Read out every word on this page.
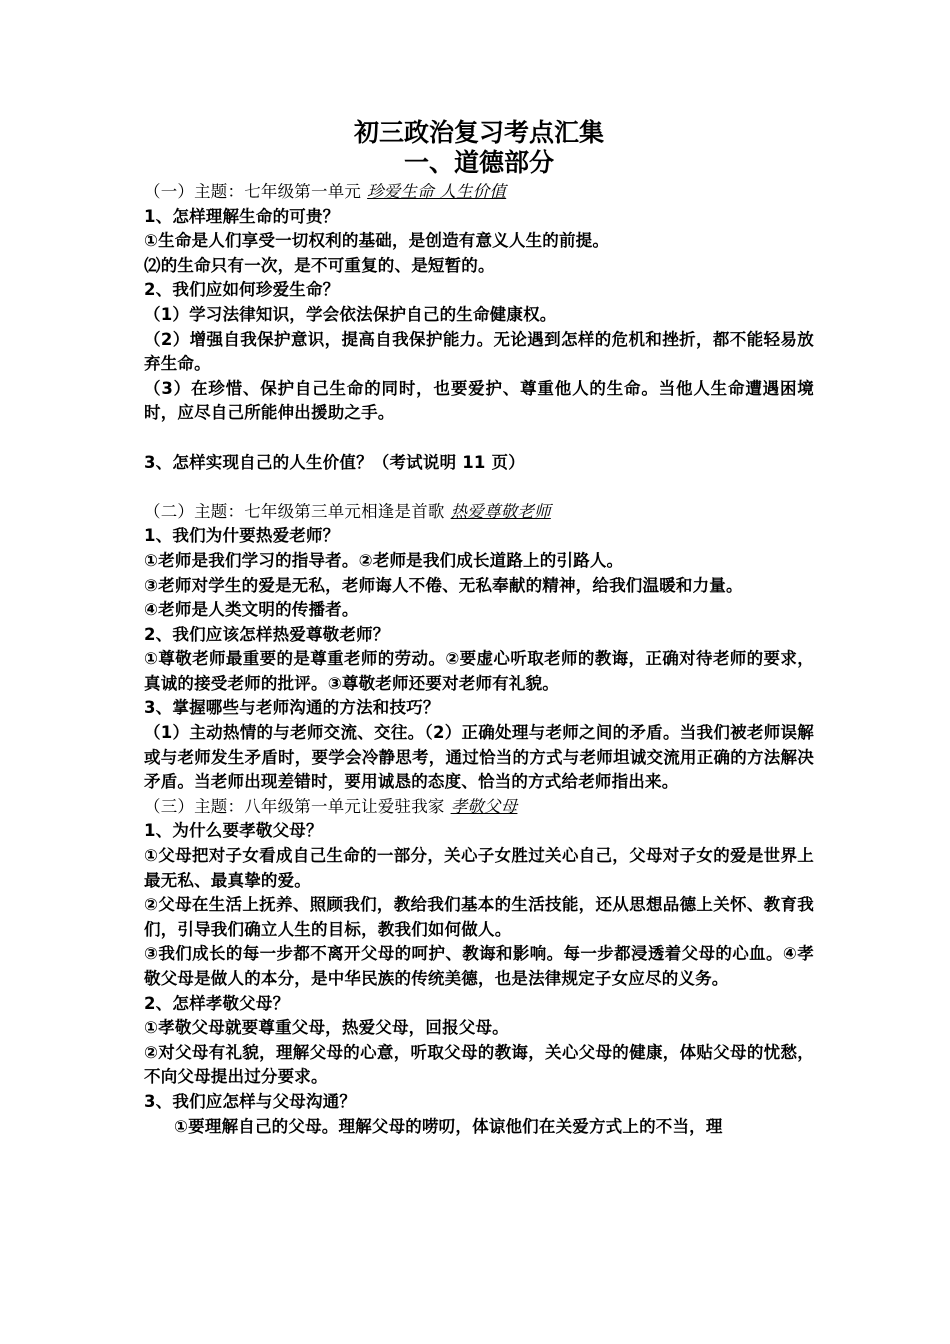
初三政治复习考点汇集
一、道德部分

（一）主题：七年级第一单元 珍爱生命 人生价值

1、怎样理解生命的可贵？

①生命是人们享受一切权利的基础，是创造有意义人生的前提。

⑵的生命只有一次，是不可重复的、是短暂的。

2、我们应如何珍爱生命？

（1）学习法律知识，学会依法保护自己的生命健康权。

（2）增强自我保护意识，提高自我保护能力。无论遇到怎样的危机和挫折，都不能轻易放弃生命。

（3）在珍惜、保护自己生命的同时，也要爱护、尊重他人的生命。当他人生命遭遇困境时，应尽自己所能伸出援助之手。

3、怎样实现自己的人生价值？（考试说明 11 页）

（二）主题：七年级第三单元相逢是首歌 热爱尊敬老师

1、我们为什要热爱老师？

①老师是我们学习的指导者。②老师是我们成长道路上的引路人。

③老师对学生的爱是无私，老师诲人不倦、无私奉献的精神，给我们温暖和力量。

④老师是人类文明的传播者。

2、我们应该怎样热爱尊敬老师？

①尊敬老师最重要的是尊重老师的劳动。②要虚心听取老师的教诲，正确对待老师的要求，真诚的接受老师的批评。③尊敬老师还要对老师有礼貌。

3、掌握哪些与老师沟通的方法和技巧？

（1）主动热情的与老师交流、交往。（2）正确处理与老师之间的矛盾。当我们被老师误解或与老师发生矛盾时，要学会冷静思考，通过恰当的方式与老师坦诚交流用正确的方法解决矛盾。当老师出现差错时，要用诚恳的态度、恰当的方式给老师指出来。

（三）主题：八年级第一单元让爱驻我家 孝敬父母

1、为什么要孝敬父母？

①父母把对子女看成自己生命的一部分，关心子女胜过关心自己，父母对子女的爱是世界上最无私、最真挚的爱。

②父母在生活上抚养、照顾我们，教给我们基本的生活技能，还从思想品德上关怀、教育我们，引导我们确立人生的目标，教我们如何做人。

③我们成长的每一步都不离开父母的呵护、教诲和影响。每一步都浸透着父母的心血。④孝敬父母是做人的本分，是中华民族的传统美德，也是法律规定子女应尽的义务。

2、怎样孝敬父母？

①孝敬父母就要尊重父母，热爱父母，回报父母。

②对父母有礼貌，理解父母的心意，听取父母的教诲，关心父母的健康，体贴父母的忧愁，不向父母提出过分要求。

3、我们应怎样与父母沟通？

①要理解自己的父母。理解父母的唠叨，体谅他们在关爱方式上的不当，理
